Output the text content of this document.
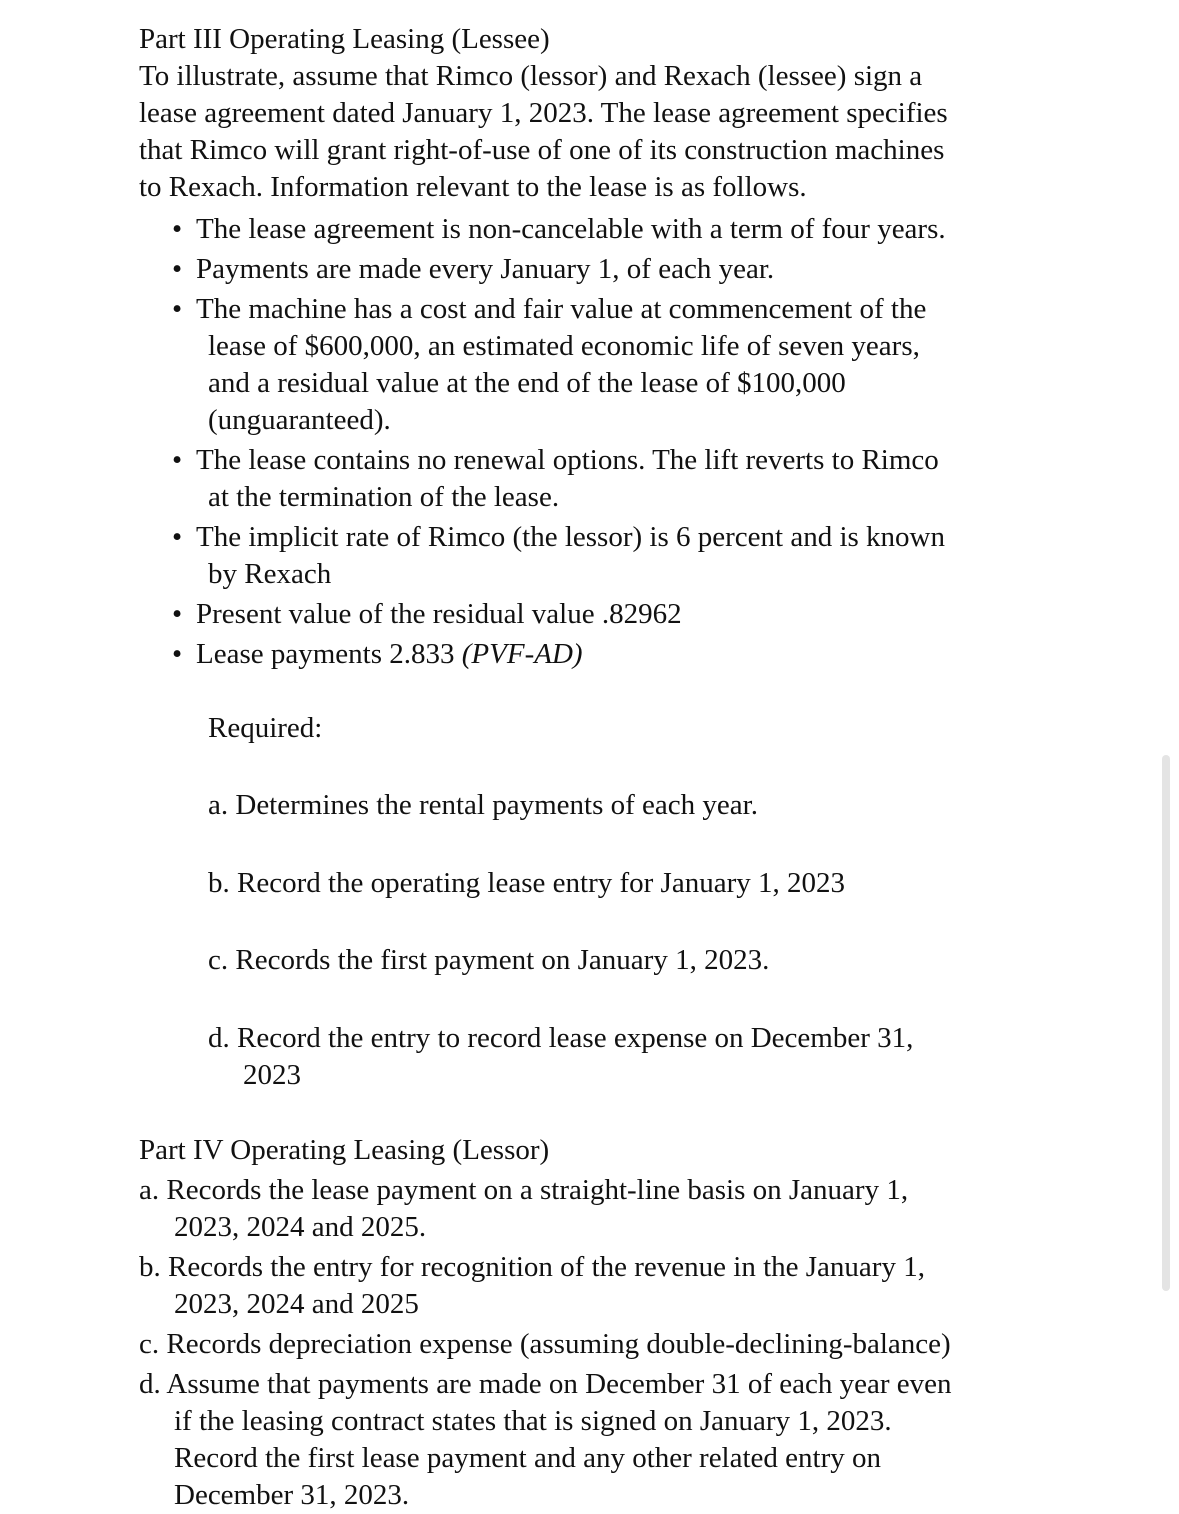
Part III Operating Leasing (Lessee)
To illustrate, assume that Rimco (lessor) and Rexach (lessee) sign a
lease agreement dated January 1, 2023. The lease agreement specifies
that Rimco will grant right-of-use of one of its construction machines
to Rexach. Information relevant to the lease is as follows.
• The lease agreement is non-cancelable with a term of four years.
• Payments are made every January 1, of each year.
• The machine has a cost and fair value at commencement of the
lease of $600,000, an estimated economic life of seven years,
and a residual value at the end of the lease of $100,000
(unguaranteed).
• The lease contains no renewal options. The lift reverts to Rimco
at the termination of the lease.
• The implicit rate of Rimco (the lessor) is 6 percent and is known
by Rexach
• Present value of the residual value .82962
• Lease payments 2.833 (PVF-AD)

Required:

a. Determines the rental payments of each year.

b. Record the operating lease entry for January 1, 2023

c. Records the first payment on January 1, 2023.

d. Record the entry to record lease expense on December 31,
2023

Part IV Operating Leasing (Lessor)
a. Records the lease payment on a straight-line basis on January 1,
2023, 2024 and 2025.
b. Records the entry for recognition of the revenue in the January 1,
2023, 2024 and 2025
c. Records depreciation expense (assuming double-declining-balance)
d. Assume that payments are made on December 31 of each year even
if the leasing contract states that is signed on January 1, 2023.
Record the first lease payment and any other related entry on
December 31, 2023.
